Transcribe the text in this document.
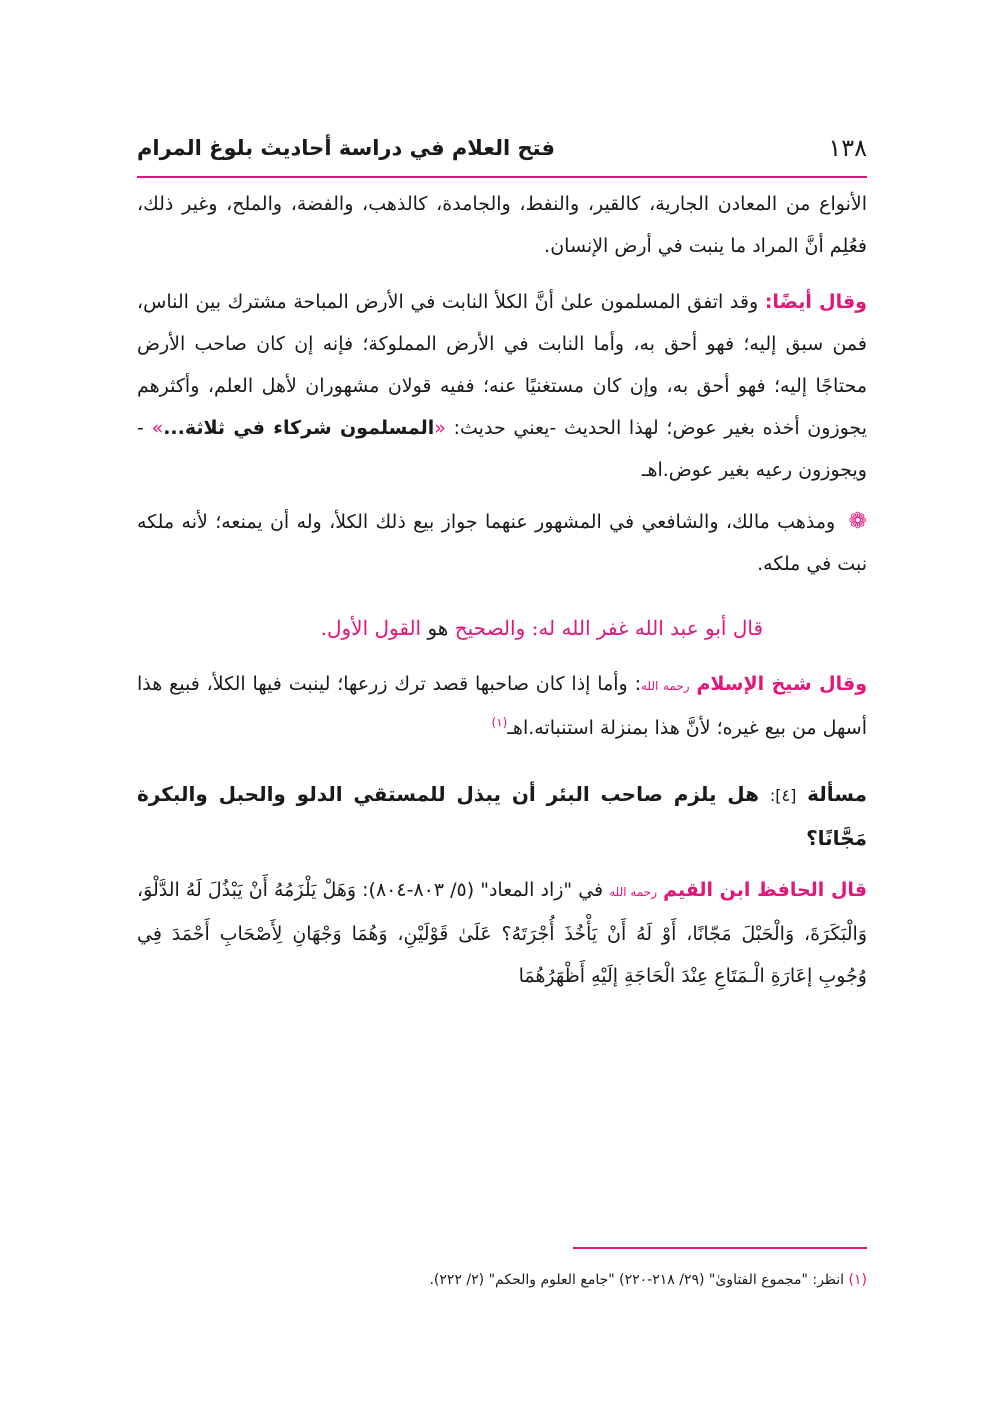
١٣٨
فتح العلام في دراسة أحاديث بلوغ المرام

الأنواع من المعادن الجارية، كالقير، والنفط، والجامدة، كالذهب، والفضة، والملح، وغير ذلك، فعُلِم أنَّ المراد ما ينبت في أرض الإنسان.

وقال أيضًا: وقد اتفق المسلمون علىٰ أنَّ الكلأ النابت في الأرض المباحة مشترك بين الناس، فمن سبق إليه؛ فهو أحق به، وأما النابت في الأرض المملوكة؛ فإنه إن كان صاحب الأرض محتاجًا إليه؛ فهو أحق به، وإن كان مستغنيًا عنه؛ ففيه قولان مشهوران لأهل العلم، وأكثرهم يجوزون أخذه بغير عوض؛ لهذا الحديث -يعني حديث: «المسلمون شركاء في ثلاثة...» - ويجوزون رعيه بغير عوض.اهـ

❁ ومذهب مالك، والشافعي في المشهور عنهما جواز بيع ذلك الكلأ، وله أن يمنعه؛ لأنه ملكه نبت في ملكه.

قال أبو عبد الله غفر الله له: والصحيح هو القول الأول.

وقال شيخ الإسلام رحمه الله: وأما إذا كان صاحبها قصد ترك زرعها؛ لينبت فيها الكلأ، فبيع هذا أسهل من بيع غيره؛ لأنَّ هذا بمنزلة استنباته.اهـ$^{(١)}$

مسألة [٤]: هل يلزم صاحب البئر أن يبذل للمستقي الدلو والحبل والبكرة مَجَّانًا؟

قال الحافظ ابن القيم رحمه الله في "زاد المعاد" (٥/ ٨٠٣-٨٠٤): وَهَلْ يَلْزَمُهُ أَنْ يَبْذُلَ لَهُ الدَّلْوَ، وَالْبَكَرَةَ، وَالْحَبْلَ مَجّانًا، أَوْ لَهُ أَنْ يَأْخُذَ أُجْرَتَهُ؟ عَلَىٰ قَوْلَيْنِ، وَهُمَا وَجْهَانِ لِأَصْحَابِ أَحْمَدَ فِي وُجُوبِ إعَارَةِ الْـمَتَاعِ عِنْدَ الْحَاجَةِ إلَيْهِ أَظْهَرُهُمَا

(١) انظر: "مجموع الفتاوىٰ" (٢٩/ ٢١٨-٢٢٠) "جامع العلوم والحكم" (٢/ ٢٢٢).
